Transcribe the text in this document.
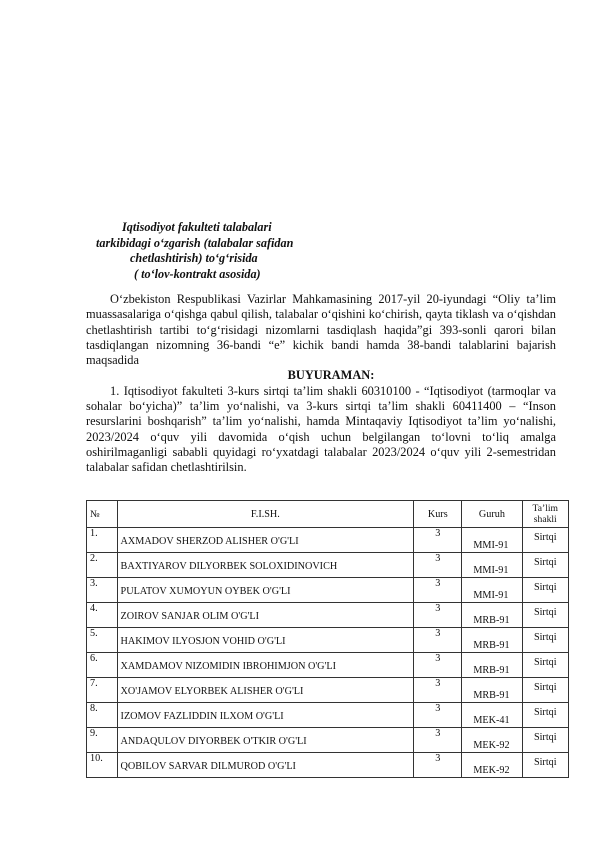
Iqtisodiyot fakulteti talabalari
tarkibidagi o‘zgarish (talabalar safidan
chetlashtirish) to‘g‘risida
( to‘lov-kontrakt asosida)

O‘zbekiston Respublikasi Vazirlar Mahkamasining 2017-yil 20-iyundagi “Oliy ta’lim muassasalariga o‘qishga qabul qilish, talabalar o‘qishini ko‘chirish, qayta tiklash va o‘qishdan chetlashtirish tartibi to‘g‘risidagi nizomlarni tasdiqlash haqida”gi 393-sonli qarori bilan tasdiqlangan nizomning 36-bandi “e” kichik bandi hamda 38-bandi talablarini bajarish maqsadida

BUYURAMAN:

1. Iqtisodiyot fakulteti 3-kurs sirtqi ta’lim shakli 60310100 - “Iqtisodiyot (tarmoqlar va sohalar bo‘yicha)” ta’lim yo‘nalishi, va 3-kurs sirtqi ta’lim shakli 60411400 – “Inson resurslarini boshqarish” ta’lim yo‘nalishi, hamda Mintaqaviy Iqtisodiyot ta’lim yo‘nalishi, 2023/2024 o‘quv yili davomida o‘qish uchun belgilangan to‘lovni to‘liq amalga oshirilmaganligi sababli quyidagi ro‘yxatdagi talabalar 2023/2024 o‘quv yili 2-semestridan talabalar safidan chetlashtirilsin.

№	F.I.SH.	Kurs	Guruh	Ta’lim shakli
1.	AXMADOV SHERZOD ALISHER O'G'LI	3	MMI-91	Sirtqi

2.	BAXTIYAROV DILYORBEK SOLOXIDINOVICH	3	MMI-91	Sirtqi

3.	PULATOV XUMOYUN OYBEK O'G'LI	3	MMI-91	Sirtqi

4.	ZOIROV SANJAR OLIM O'G'LI	3	MRB-91	Sirtqi

5.	HAKIMOV ILYOSJON VOHID O'G'LI	3	MRB-91	Sirtqi

6.	XAMDAMOV NIZOMIDIN IBROHIMJON O'G'LI	3	MRB-91	Sirtqi

7.	XO'JAMOV ELYORBEK ALISHER O'G'LI	3	MRB-91	Sirtqi

8.	IZOMOV FAZLIDDIN ILXOM O'G'LI	3	MEK-41	Sirtqi

9.	ANDAQULOV DIYORBEK O'TKIR O'G'LI	3	MEK-92	Sirtqi

10.	QOBILOV SARVAR DILMUROD O'G'LI	3	MEK-92	Sirtqi
